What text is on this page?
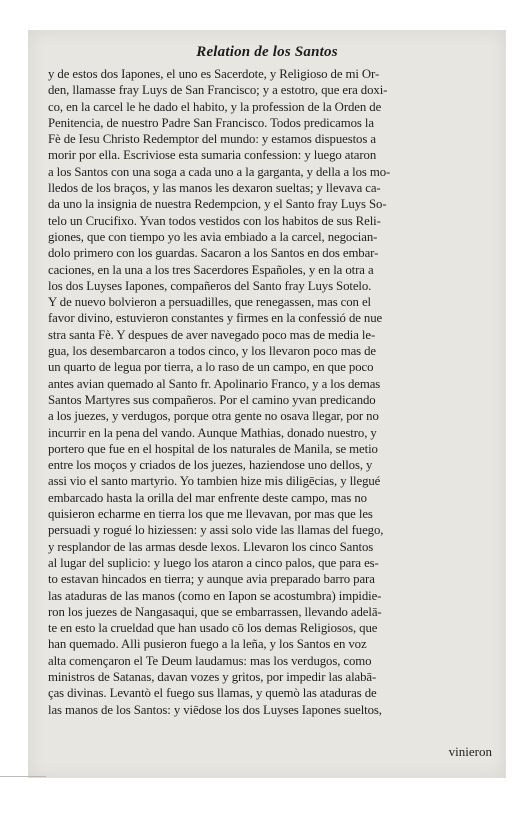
Relation de los Santos
y de estos dos Iapones, el uno es Sacerdote, y Religioso de mi Or-
den, llamasse fray Luys de San Francisco; y a estotro, que era doxi-
co, en la carcel le he dado el habito, y la profession de la Orden de
Penitencia, de nuestro Padre San Francisco. Todos predicamos la
Fè de Iesu Christo Redemptor del mundo: y estamos dispuestos a
morir por ella. Escriviose esta sumaria confession: y luego ataron
a los Santos con una soga a cada uno a la garganta, y della a los mo-
lledos de los braços, y las manos les dexaron sueltas; y llevava ca-
da uno la insignia de nuestra Redempcion, y el Santo fray Luys So-
telo un Crucifixo. Yvan todos vestidos con los habitos de sus Reli-
giones, que con tiempo yo les avia embiado a la carcel, negocian-
dolo primero con los guardas. Sacaron a los Santos en dos embar-
caciones, en la una a los tres Sacerdores Españoles, y en la otra a
los dos Luyses Iapones, compañeros del Santo fray Luys Sotelo.
Y de nuevo bolvieron a persuadilles, que renegassen, mas con el
favor divino, estuvieron constantes y firmes en la confessió de nue
stra santa Fè. Y despues de aver navegado poco mas de media le-
gua, los desembarcaron a todos cinco, y los llevaron poco mas de
un quarto de legua por tierra, a lo raso de un campo, en que poco
antes avian quemado al Santo fr. Apolinario Franco, y a los demas
Santos Martyres sus compañeros. Por el camino yvan predicando
a los juezes, y verdugos, porque otra gente no osava llegar, por no
incurrir en la pena del vando. Aunque Mathias, donado nuestro, y
portero que fue en el hospital de los naturales de Manila, se metio
entre los moços y criados de los juezes, haziendose uno dellos, y
assi vio el santo martyrio. Yo tambien hize mis diligēcias, y llegué
embarcado hasta la orilla del mar enfrente deste campo, mas no
quisieron echarme en tierra los que me llevavan, por mas que les
persuadi y rogué lo hiziessen: y assi solo vide las llamas del fuego,
y resplandor de las armas desde lexos. Llevaron los cinco Santos
al lugar del suplicio: y luego los ataron a cinco palos, que para es-
to estavan hincados en tierra; y aunque avia preparado barro para
las ataduras de las manos (como en Iapon se acostumbra) impidie-
ron los juezes de Nangasaqui, que se embarrassen, llevando adelā-
te en esto la crueldad que han usado cō los demas Religiosos, que
han quemado. Alli pusieron fuego a la leña, y los Santos en voz
alta començaron el Te Deum laudamus: mas los verdugos, como
ministros de Satanas, davan vozes y gritos, por impedir las alabā-
ças divinas. Levantò el fuego sus llamas, y quemò las ataduras de
las manos de los Santos: y viēdose los dos Luyses Iapones sueltos,
vinieron
